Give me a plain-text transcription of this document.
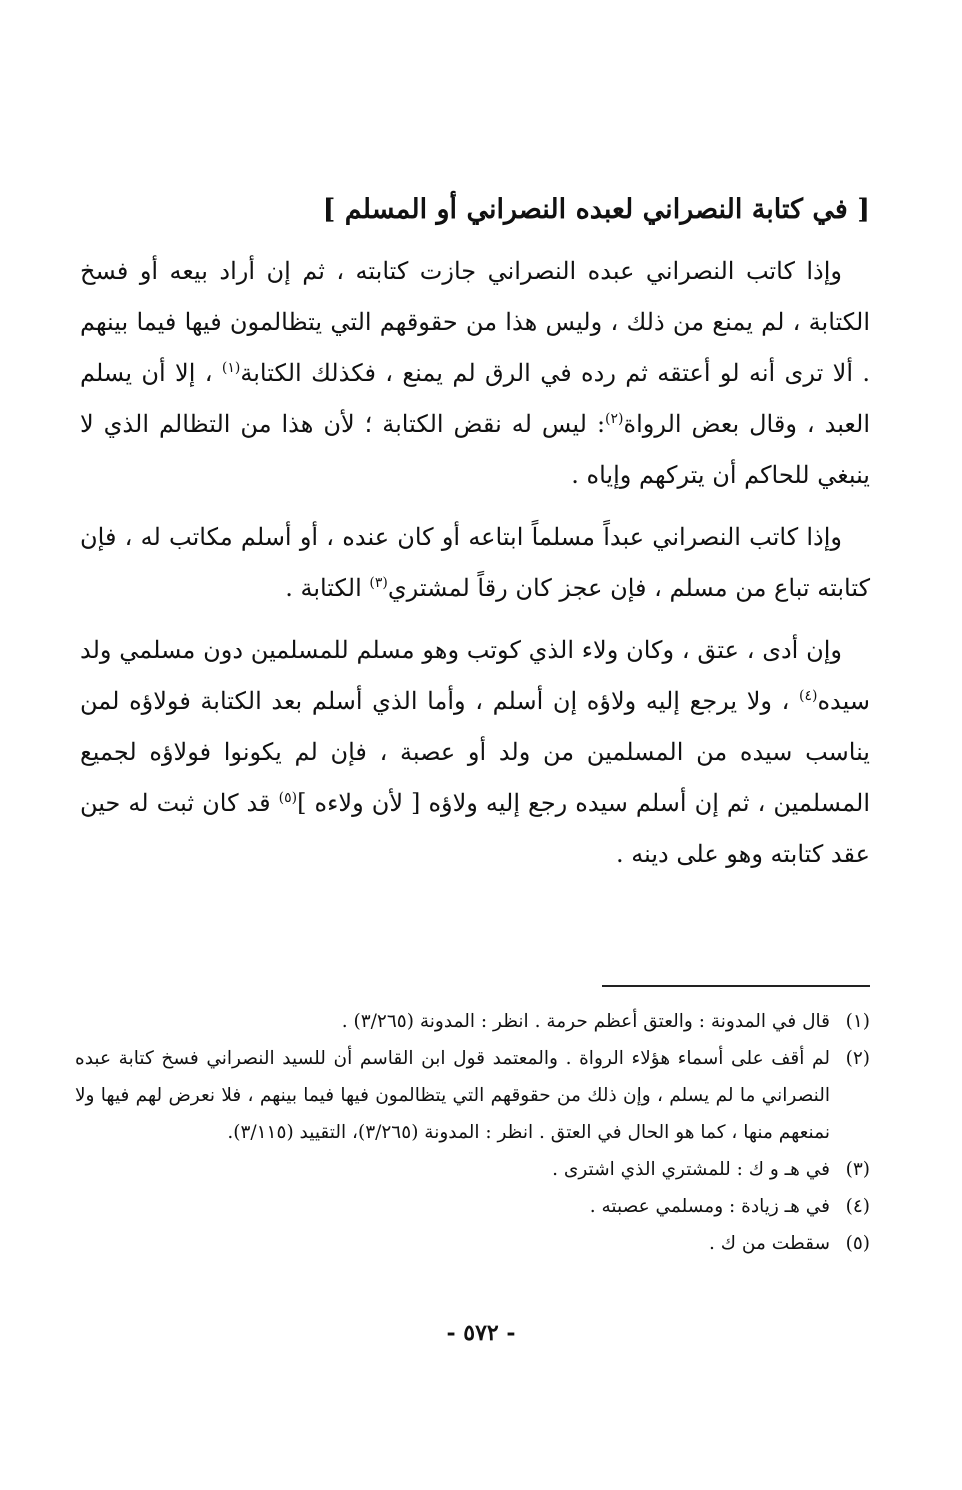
[ في كتابة النصراني لعبده النصراني أو المسلم ]

وإذا كاتب النصراني عبده النصراني جازت كتابته ، ثم إن أراد بيعه أو فسخ الكتابة ، لم يمنع من ذلك ، وليس هذا من حقوقهم التي يتظالمون فيها فيما بينهم . ألا ترى أنه لو أعتقه ثم رده في الرق لم يمنع ، فكذلك الكتابة$^{(١)}$ ، إلا أن يسلم العبد ، وقال بعض الرواة$^{(٢)}$: ليس له نقض الكتابة ؛ لأن هذا من التظالم الذي لا ينبغي للحاكم أن يتركهم وإياه .

وإذا كاتب النصراني عبداً مسلماً ابتاعه أو كان عنده ، أو أسلم مكاتب له ، فإن كتابته تباع من مسلم ، فإن عجز كان رقاً لمشتري$^{(٣)}$ الكتابة .

وإن أدى ، عتق ، وكان ولاء الذي كوتب وهو مسلم للمسلمين دون مسلمي ولد سيده$^{(٤)}$ ، ولا يرجع إليه ولاؤه إن أسلم ، وأما الذي أسلم بعد الكتابة فولاؤه لمن يناسب سيده من المسلمين من ولد أو عصبة ، فإن لم يكونوا فولاؤه لجميع المسلمين ، ثم إن أسلم سيده رجع إليه ولاؤه [ لأن ولاءه ]$^{(٥)}$ قد كان ثبت له حين عقد كتابته وهو على دينه .

(١)
قال في المدونة : والعتق أعظم حرمة . انظر : المدونة (٣/٢٦٥) .
(٢)
لم أقف على أسماء هؤلاء الرواة . والمعتمد قول ابن القاسم أن للسيد النصراني فسخ كتابة عبده النصراني ما لم يسلم ، وإن ذلك من حقوقهم التي يتظالمون فيها فيما بينهم ، فلا نعرض لهم فيها ولا نمنعهم منها ، كما هو الحال في العتق . انظر : المدونة (٣/٢٦٥)، التقييد (٣/١١٥).
(٣)
في هـ و ك : للمشتري الذي اشترى .
(٤)
في هـ زيادة : ومسلمي عصبته .
(٥)
سقطت من ك .
- ٥٧٢ -
